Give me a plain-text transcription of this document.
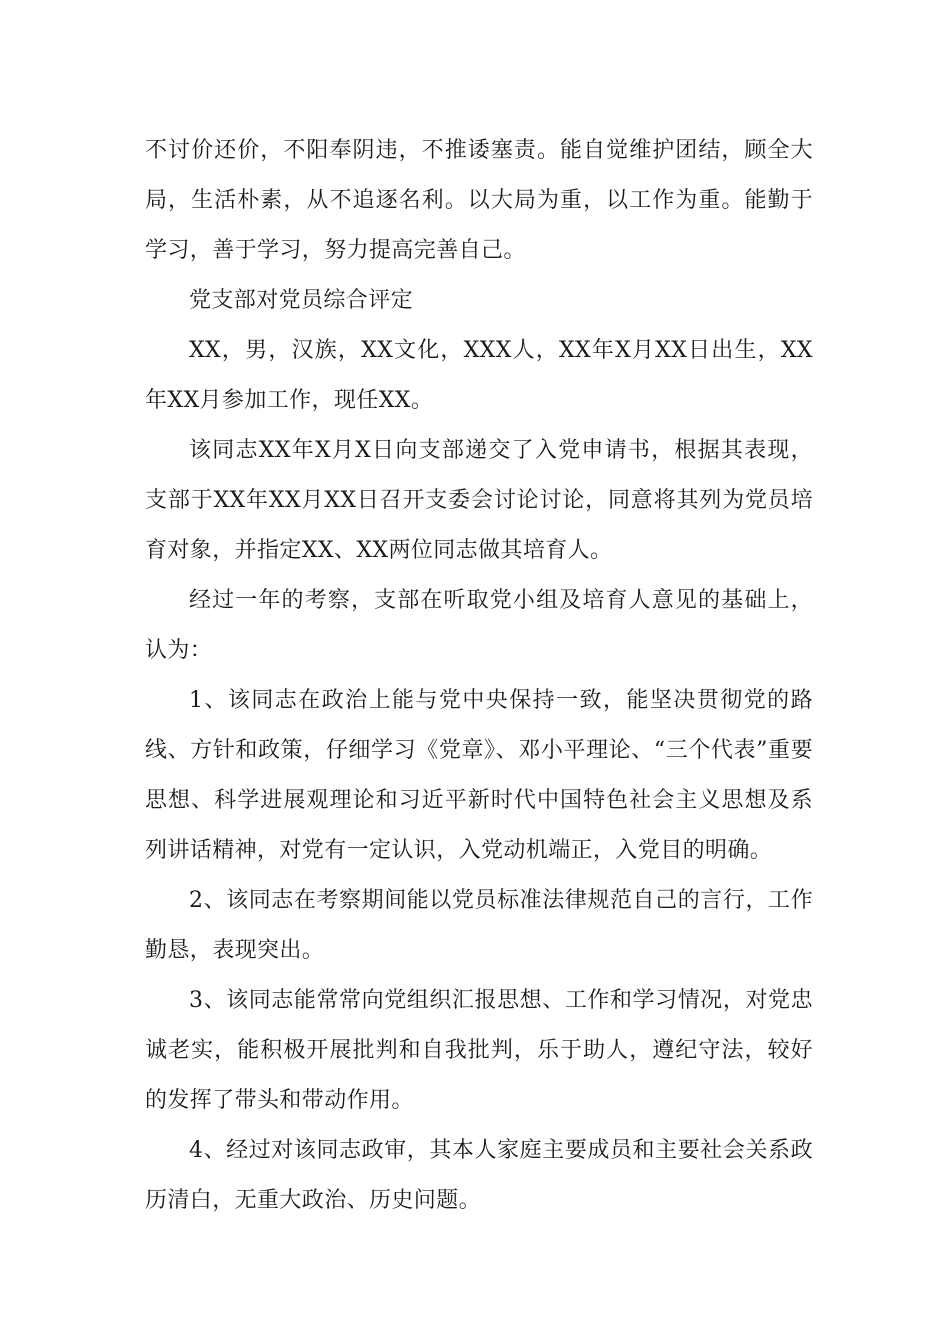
不讨价还价，不阳奉阴违，不推诿塞责。能自觉维护团结，顾全大局，生活朴素，从不追逐名利。以大局为重，以工作为重。能勤于学习，善于学习，努力提高完善自己。

党支部对党员综合评定

XX，男，汉族，XX文化，XXX人，XX年X月XX日出生，XX年XX月参加工作，现任XX。

该同志XX年X月X日向支部递交了入党申请书，根据其表现，支部于XX年XX月XX日召开支委会讨论讨论，同意将其列为党员培育对象，并指定XX、XX两位同志做其培育人。

经过一年的考察，支部在听取党小组及培育人意见的基础上，认为：

1、该同志在政治上能与党中央保持一致，能坚决贯彻党的路线、方针和政策，仔细学习《党章》、邓小平理论、“三个代表”重要思想、科学进展观理论和习近平新时代中国特色社会主义思想及系列讲话精神，对党有一定认识，入党动机端正，入党目的明确。

2、该同志在考察期间能以党员标准法律规范自己的言行，工作勤恳，表现突出。

3、该同志能常常向党组织汇报思想、工作和学习情况，对党忠诚老实，能积极开展批判和自我批判，乐于助人，遵纪守法，较好的发挥了带头和带动作用。

4、经过对该同志政审，其本人家庭主要成员和主要社会关系政历清白，无重大政治、历史问题。
